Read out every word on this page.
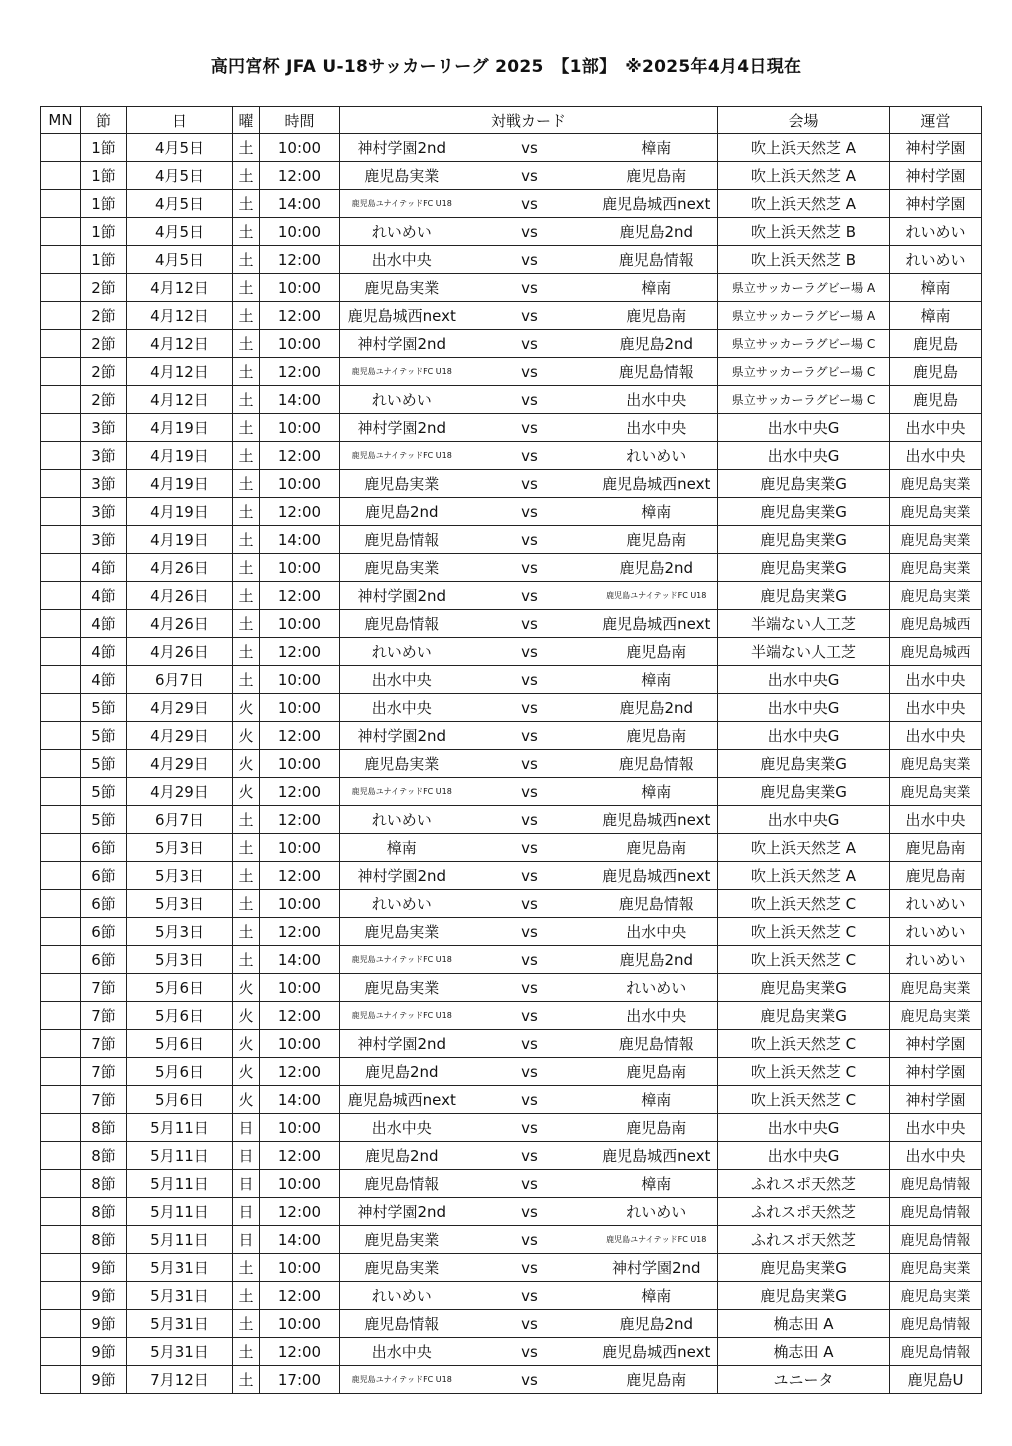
高円宮杯 JFA U-18サッカーリーグ 2025　【1部】　※2025年4月4日現在
MN	節	日	曜	時間	対戦カード			会場	運営
	1節	4月5日	土	10:00	神村学園2nd	vs	樟南	吹上浜天然芝 A	神村学園
	1節	4月5日	土	12:00	鹿児島実業	vs	鹿児島南	吹上浜天然芝 A	神村学園
	1節	4月5日	土	14:00	鹿児島ユナイテッドFC U18	vs	鹿児島城西next	吹上浜天然芝 A	神村学園
	1節	4月5日	土	10:00	れいめい	vs	鹿児島2nd	吹上浜天然芝 B	れいめい
	1節	4月5日	土	12:00	出水中央	vs	鹿児島情報	吹上浜天然芝 B	れいめい
	2節	4月12日	土	10:00	鹿児島実業	vs	樟南	県立サッカーラグビー場 A	樟南
	2節	4月12日	土	12:00	鹿児島城西next	vs	鹿児島南	県立サッカーラグビー場 A	樟南
	2節	4月12日	土	10:00	神村学園2nd	vs	鹿児島2nd	県立サッカーラグビー場 C	鹿児島
	2節	4月12日	土	12:00	鹿児島ユナイテッドFC U18	vs	鹿児島情報	県立サッカーラグビー場 C	鹿児島
	2節	4月12日	土	14:00	れいめい	vs	出水中央	県立サッカーラグビー場 C	鹿児島
	3節	4月19日	土	10:00	神村学園2nd	vs	出水中央	出水中央G	出水中央
	3節	4月19日	土	12:00	鹿児島ユナイテッドFC U18	vs	れいめい	出水中央G	出水中央
	3節	4月19日	土	10:00	鹿児島実業	vs	鹿児島城西next	鹿児島実業G	鹿児島実業
	3節	4月19日	土	12:00	鹿児島2nd	vs	樟南	鹿児島実業G	鹿児島実業
	3節	4月19日	土	14:00	鹿児島情報	vs	鹿児島南	鹿児島実業G	鹿児島実業
	4節	4月26日	土	10:00	鹿児島実業	vs	鹿児島2nd	鹿児島実業G	鹿児島実業
	4節	4月26日	土	12:00	神村学園2nd	vs	鹿児島ユナイテッドFC U18	鹿児島実業G	鹿児島実業
	4節	4月26日	土	10:00	鹿児島情報	vs	鹿児島城西next	半端ない人工芝	鹿児島城西
	4節	4月26日	土	12:00	れいめい	vs	鹿児島南	半端ない人工芝	鹿児島城西
	4節	6月7日	土	10:00	出水中央	vs	樟南	出水中央G	出水中央
	5節	4月29日	火	10:00	出水中央	vs	鹿児島2nd	出水中央G	出水中央
	5節	4月29日	火	12:00	神村学園2nd	vs	鹿児島南	出水中央G	出水中央
	5節	4月29日	火	10:00	鹿児島実業	vs	鹿児島情報	鹿児島実業G	鹿児島実業
	5節	4月29日	火	12:00	鹿児島ユナイテッドFC U18	vs	樟南	鹿児島実業G	鹿児島実業
	5節	6月7日	土	12:00	れいめい	vs	鹿児島城西next	出水中央G	出水中央
	6節	5月3日	土	10:00	樟南	vs	鹿児島南	吹上浜天然芝 A	鹿児島南
	6節	5月3日	土	12:00	神村学園2nd	vs	鹿児島城西next	吹上浜天然芝 A	鹿児島南
	6節	5月3日	土	10:00	れいめい	vs	鹿児島情報	吹上浜天然芝 C	れいめい
	6節	5月3日	土	12:00	鹿児島実業	vs	出水中央	吹上浜天然芝 C	れいめい
	6節	5月3日	土	14:00	鹿児島ユナイテッドFC U18	vs	鹿児島2nd	吹上浜天然芝 C	れいめい
	7節	5月6日	火	10:00	鹿児島実業	vs	れいめい	鹿児島実業G	鹿児島実業
	7節	5月6日	火	12:00	鹿児島ユナイテッドFC U18	vs	出水中央	鹿児島実業G	鹿児島実業
	7節	5月6日	火	10:00	神村学園2nd	vs	鹿児島情報	吹上浜天然芝 C	神村学園
	7節	5月6日	火	12:00	鹿児島2nd	vs	鹿児島南	吹上浜天然芝 C	神村学園
	7節	5月6日	火	14:00	鹿児島城西next	vs	樟南	吹上浜天然芝 C	神村学園
	8節	5月11日	日	10:00	出水中央	vs	鹿児島南	出水中央G	出水中央
	8節	5月11日	日	12:00	鹿児島2nd	vs	鹿児島城西next	出水中央G	出水中央
	8節	5月11日	日	10:00	鹿児島情報	vs	樟南	ふれスポ天然芝	鹿児島情報
	8節	5月11日	日	12:00	神村学園2nd	vs	れいめい	ふれスポ天然芝	鹿児島情報
	8節	5月11日	日	14:00	鹿児島実業	vs	鹿児島ユナイテッドFC U18	ふれスポ天然芝	鹿児島情報
	9節	5月31日	土	10:00	鹿児島実業	vs	神村学園2nd	鹿児島実業G	鹿児島実業
	9節	5月31日	土	12:00	れいめい	vs	樟南	鹿児島実業G	鹿児島実業
	9節	5月31日	土	10:00	鹿児島情報	vs	鹿児島2nd	桷志田 A	鹿児島情報
	9節	5月31日	土	12:00	出水中央	vs	鹿児島城西next	桷志田 A	鹿児島情報
	9節	7月12日	土	17:00	鹿児島ユナイテッドFC U18	vs	鹿児島南	ユニータ	鹿児島U
